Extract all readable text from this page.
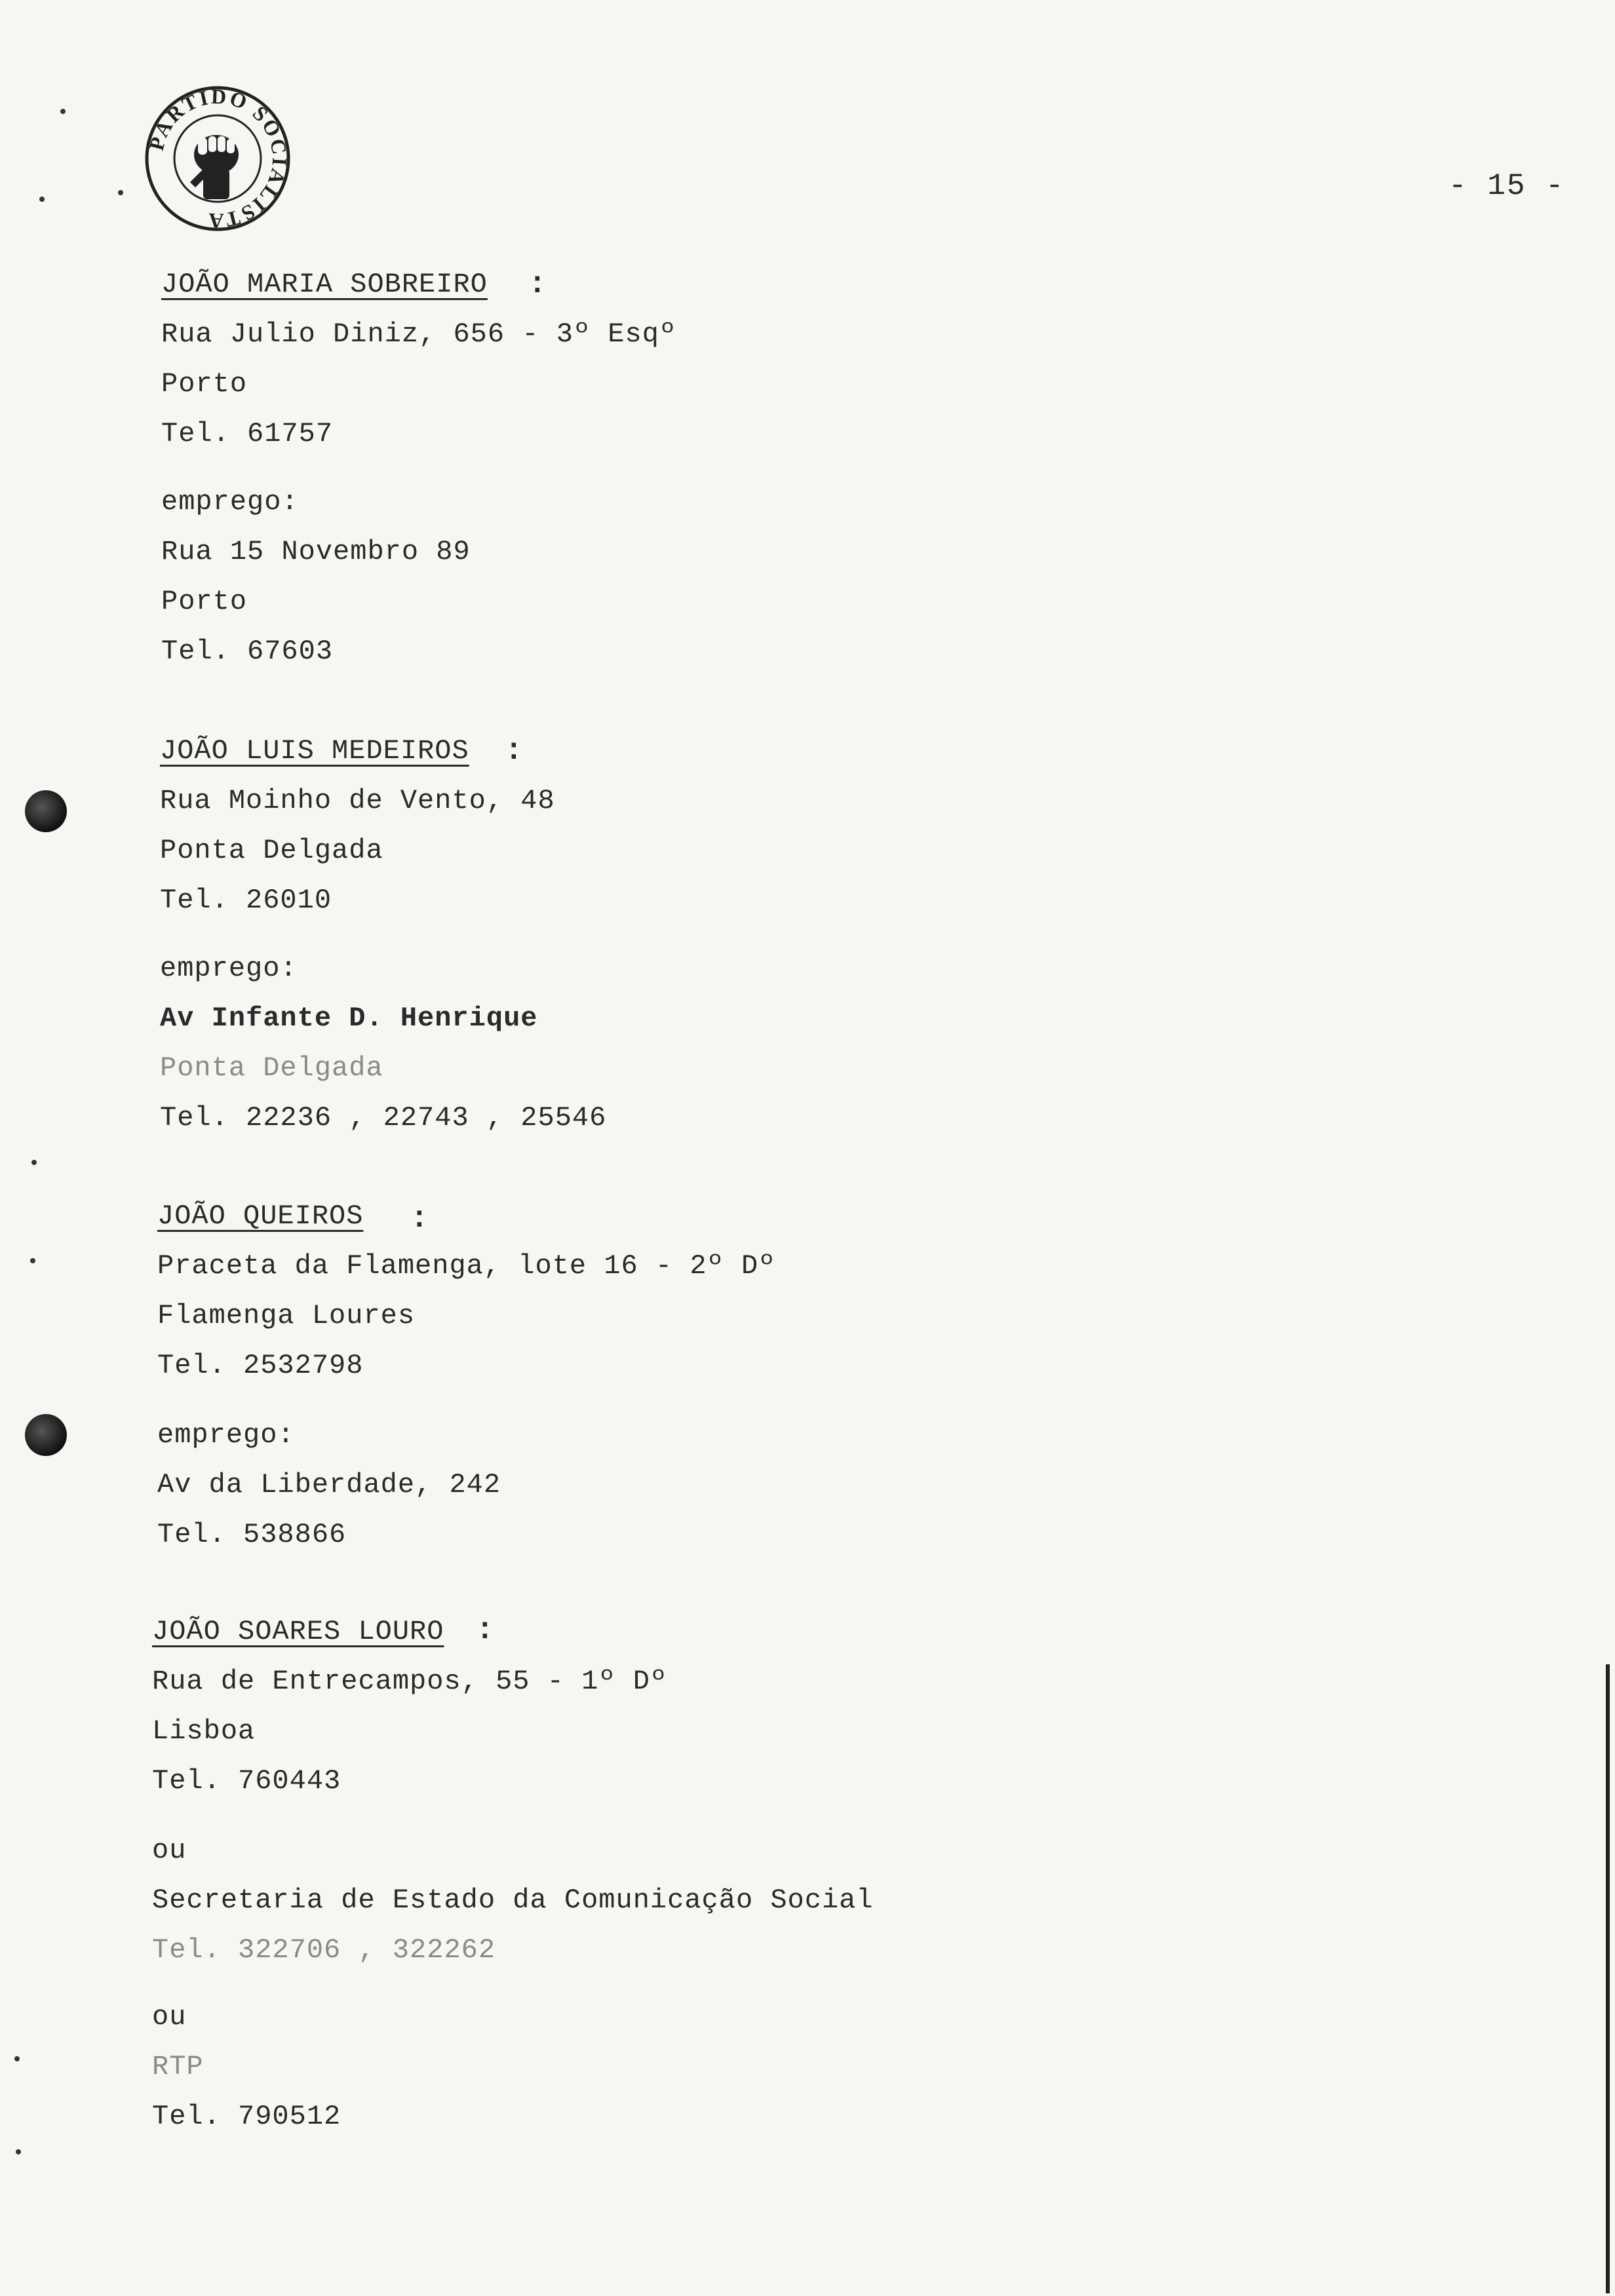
PARTIDO SOCIALISTA
- 15 -
JOÃO MARIA SOBREIRO :
Rua Julio Diniz, 656 - 3º Esqº
Porto
Tel. 61757
emprego:
Rua 15 Novembro 89
Porto
Tel. 67603
JOÃO LUIS MEDEIROS :
Rua Moinho de Vento, 48
Ponta Delgada
Tel. 26010
emprego:
Av Infante D. Henrique
Ponta Delgada
Tel. 22236 , 22743 , 25546
JOÃO QUEIROS :
Praceta da Flamenga, lote 16 - 2º Dº
Flamenga Loures
Tel. 2532798
emprego:
Av da Liberdade, 242
Tel. 538866
JOÃO SOARES LOURO :
Rua de Entrecampos, 55 - 1º Dº
Lisboa
Tel. 760443
ou
Secretaria de Estado da Comunicação Social
Tel. 322706 , 322262
ou
RTP
Tel. 790512
